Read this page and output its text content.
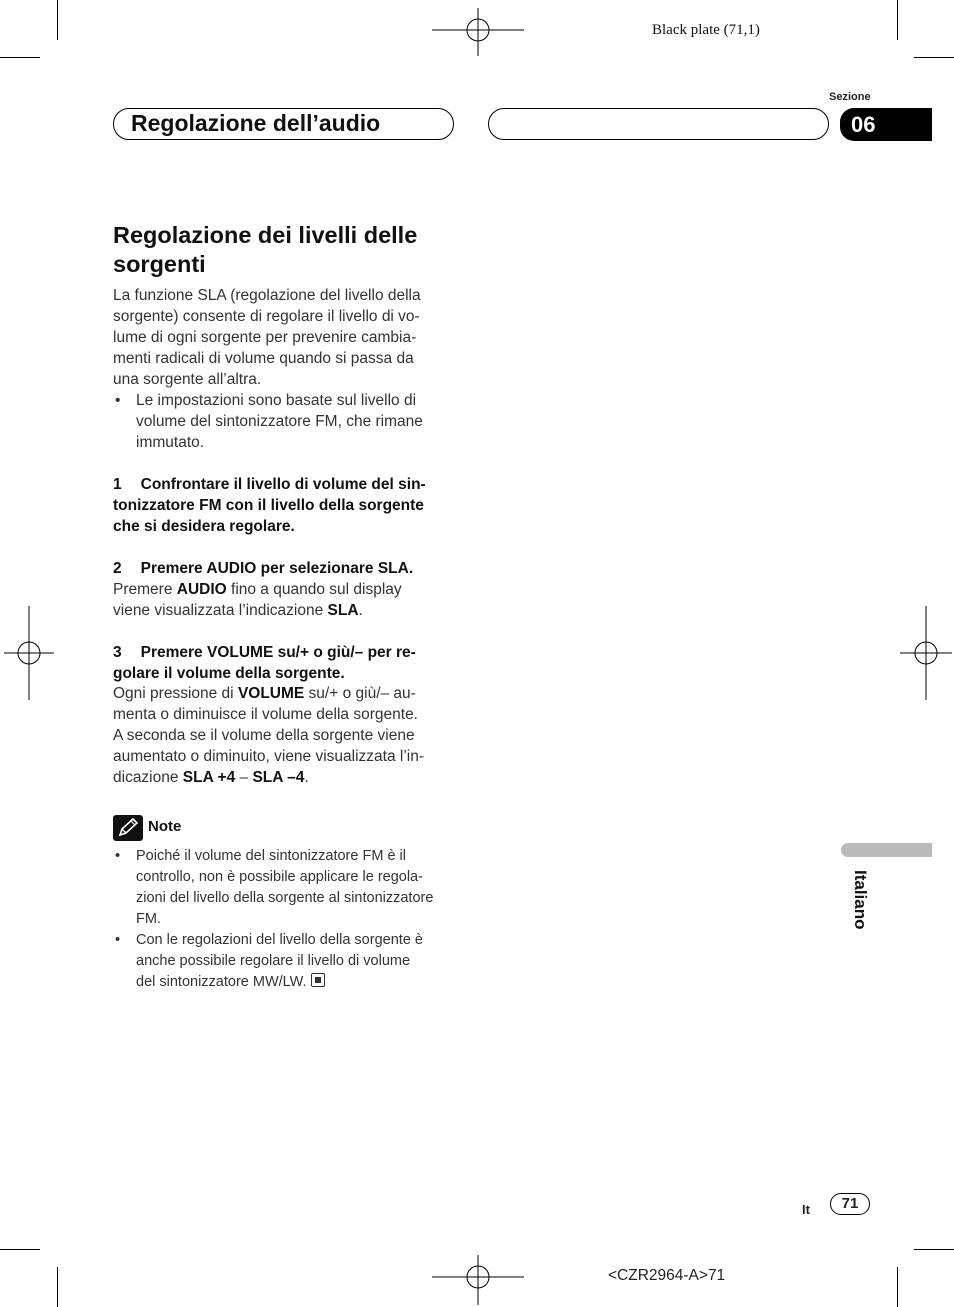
Black plate (71,1)
Regolazione dell’audio
Sezione
06
Regolazione dei livelli delle sorgenti
La funzione SLA (regolazione del livello della
sorgente) consente di regolare il livello di vo-
lume di ogni sorgente per prevenire cambia-
menti radicali di volume quando si passa da
una sorgente all’altra.
• Le impostazioni sono basate sul livello di
volume del sintonizzatore FM, che rimane
immutato.
1 Confrontare il livello di volume del sin-
tonizzatore FM con il livello della sorgente
che si desidera regolare.
2 Premere AUDIO per selezionare SLA.
Premere AUDIO fino a quando sul display
viene visualizzata l’indicazione SLA.
3 Premere VOLUME su/+ o giù/– per re-
golare il volume della sorgente.
Ogni pressione di VOLUME su/+ o giù/– au-
menta o diminuisce il volume della sorgente.
A seconda se il volume della sorgente viene
aumentato o diminuito, viene visualizzata l’in-
dicazione SLA +4 – SLA –4.
Note
• Poiché il volume del sintonizzatore FM è il
controllo, non è possibile applicare le regola-
zioni del livello della sorgente al sintonizzatore
FM.
• Con le regolazioni del livello della sorgente è
anche possibile regolare il livello di volume
del sintonizzatore MW/LW.
Italiano
It	71
<CZR2964-A>71
